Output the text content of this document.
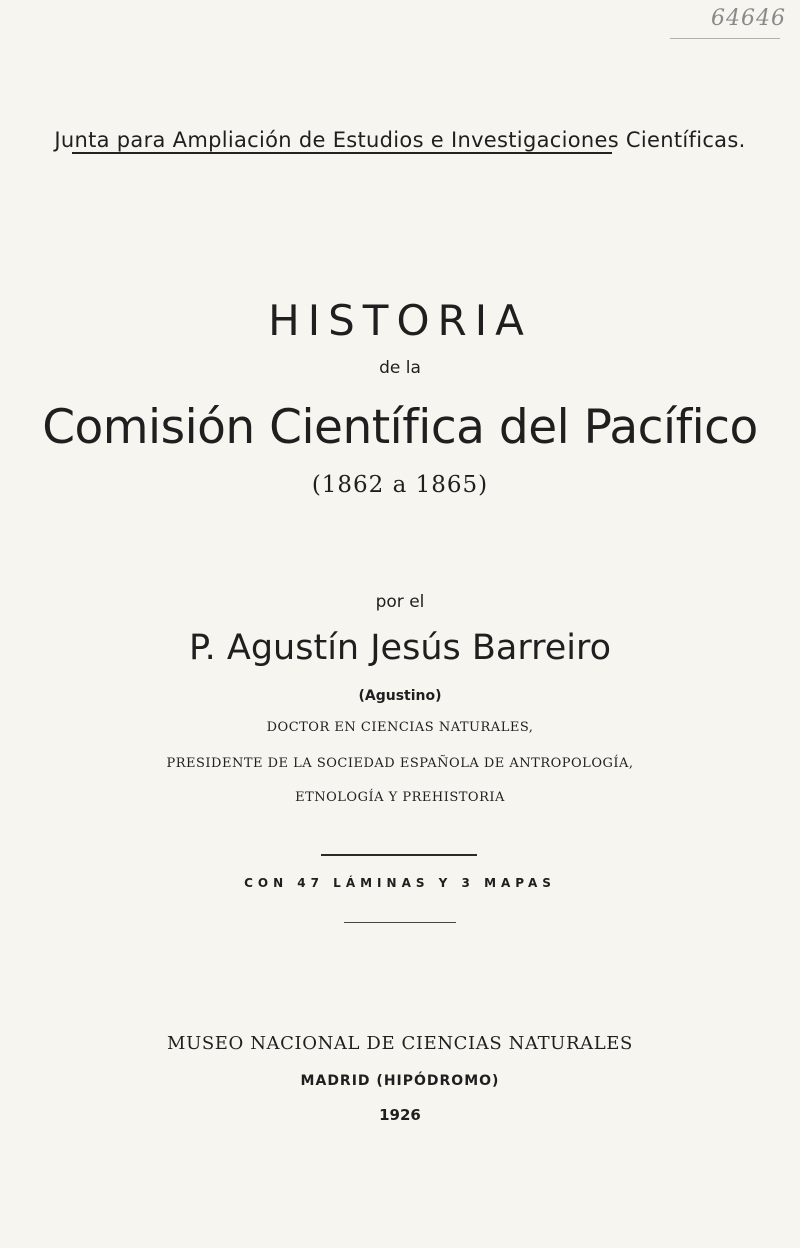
64646
Junta para Ampliación de Estudios e Investigaciones Científicas.
HISTORIA
de la
Comisión Científica del Pacífico
(1862 a 1865)
por el
P. Agustín Jesús Barreiro
(Agustino)
DOCTOR EN CIENCIAS NATURALES,
PRESIDENTE DE LA SOCIEDAD ESPAÑOLA DE ANTROPOLOGÍA,
ETNOLOGÍA Y PREHISTORIA
CON 47 LÁMINAS Y 3 MAPAS
MUSEO NACIONAL DE CIENCIAS NATURALES
MADRID (HIPÓDROMO)
1926
